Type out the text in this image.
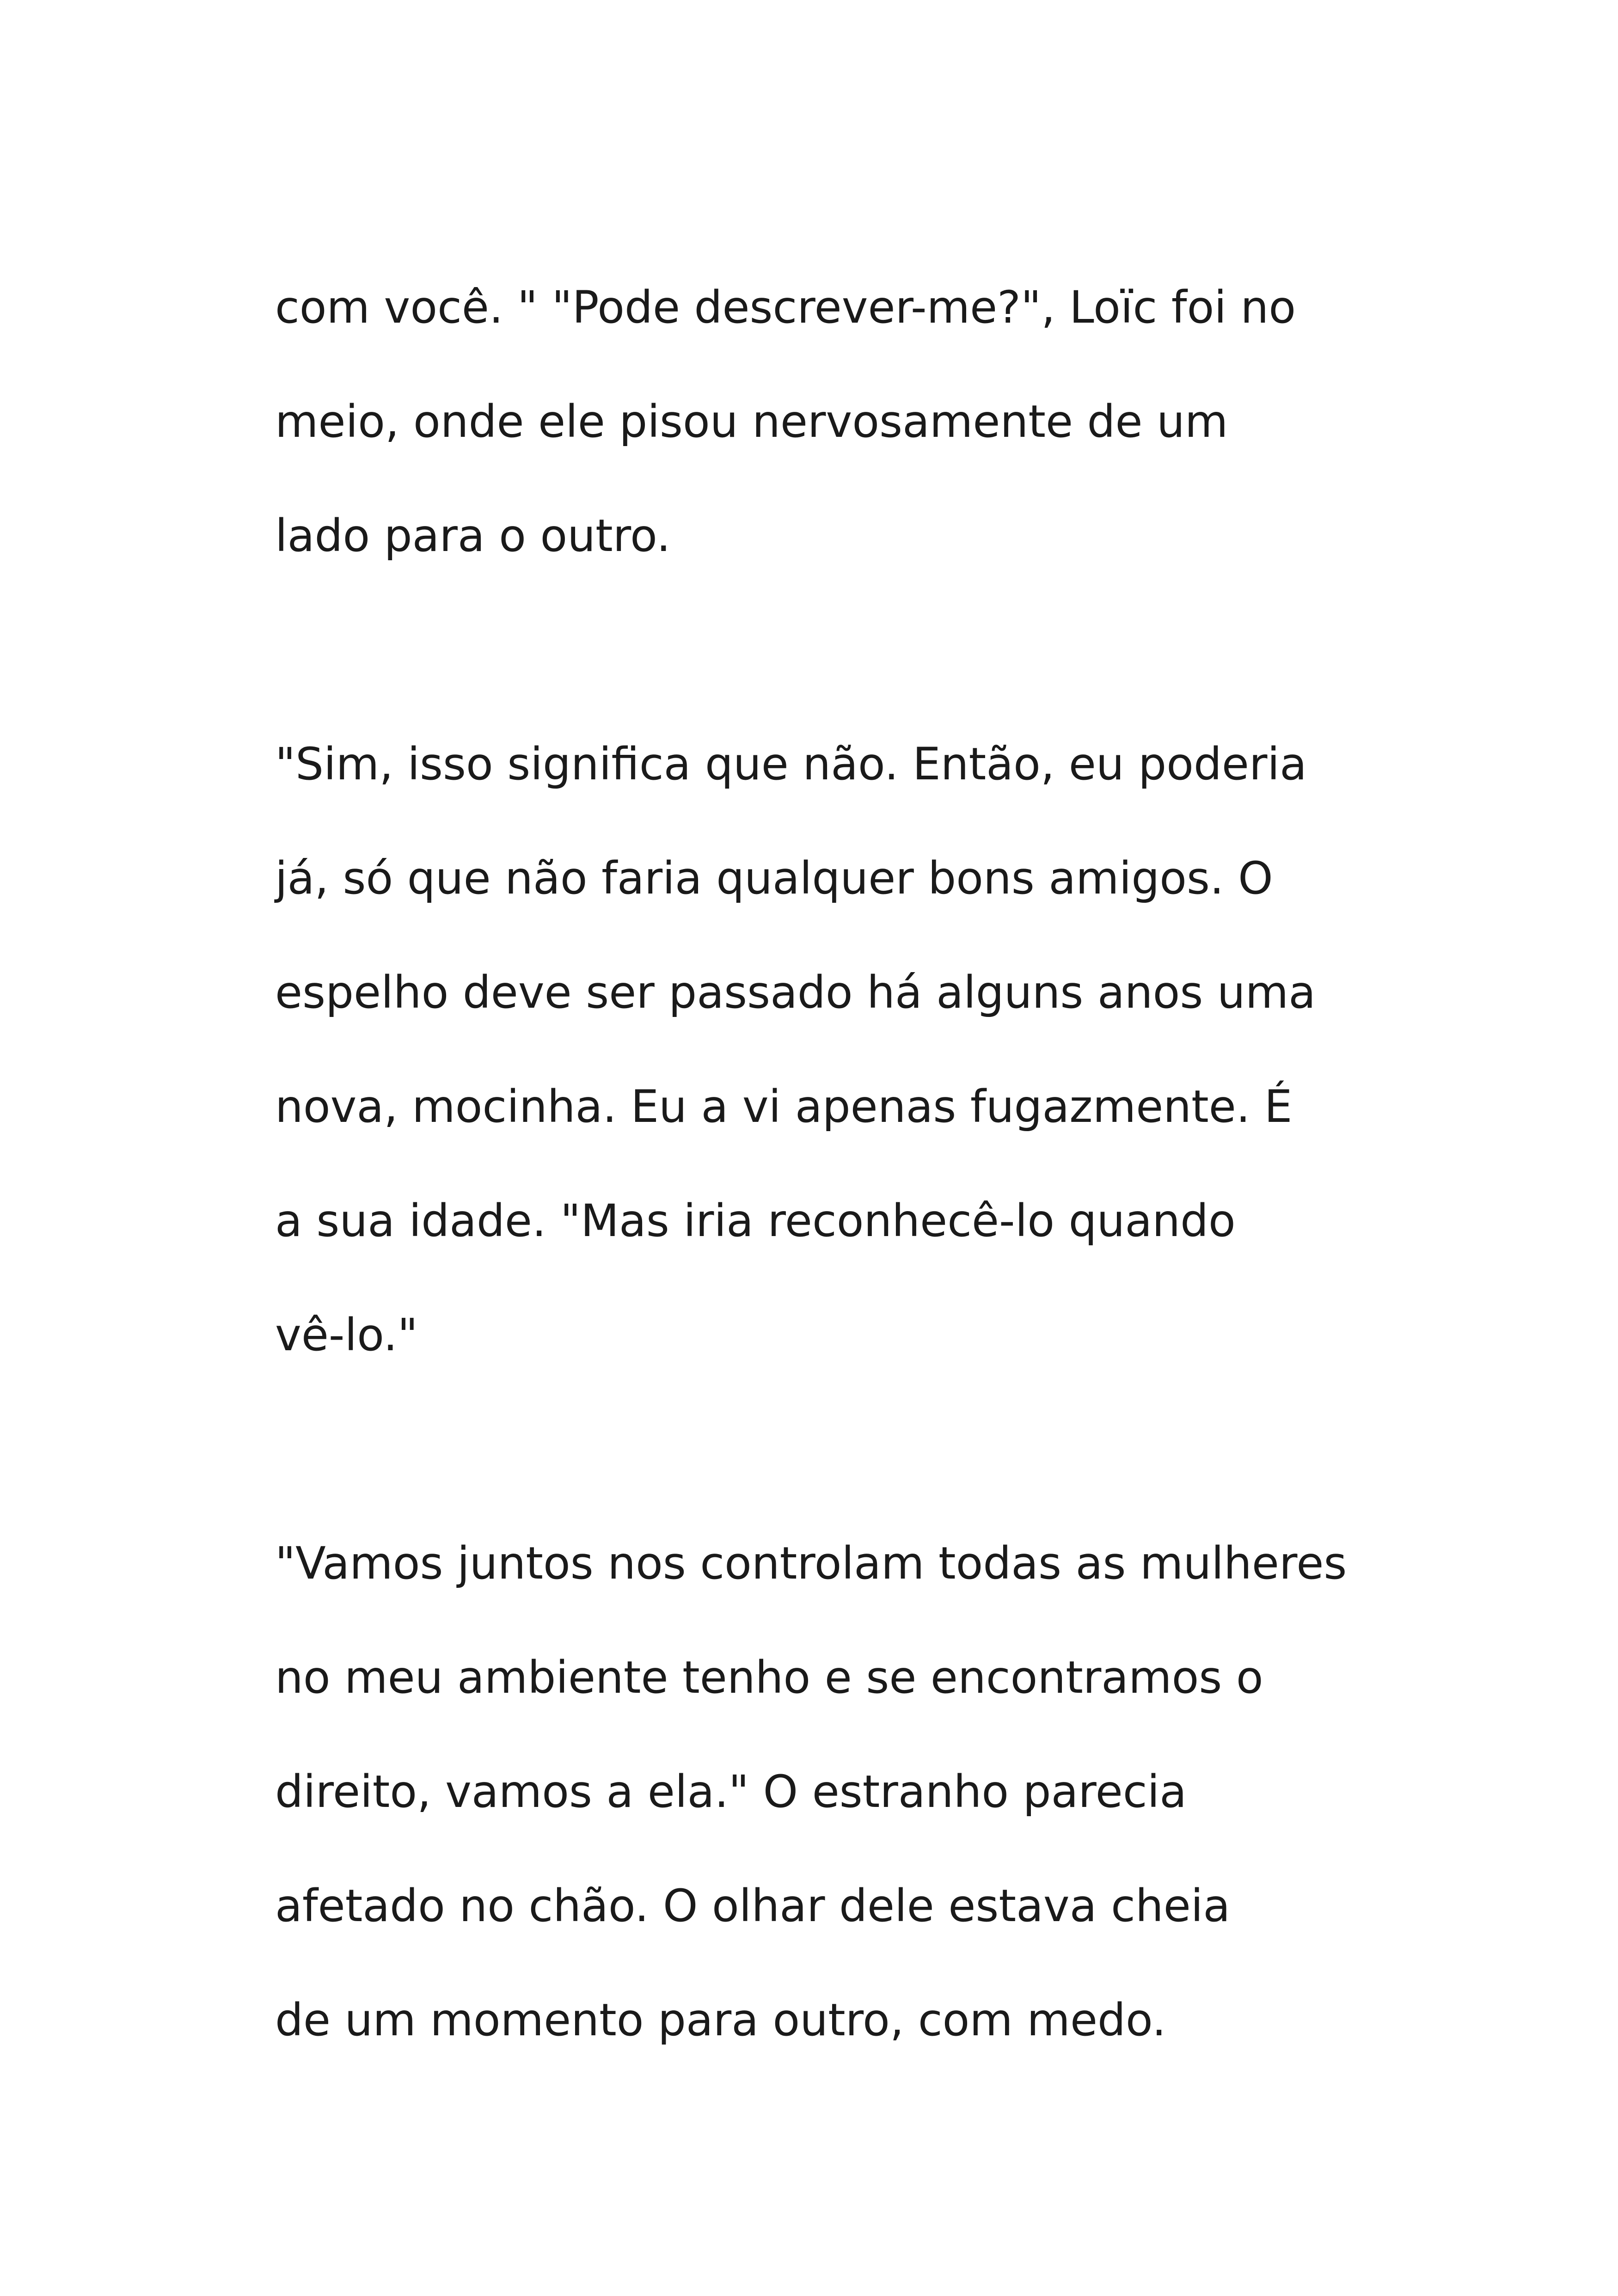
com você. " "Pode descrever-me?", Loïc foi no
meio, onde ele pisou nervosamente de um
lado para o outro.
"Sim, isso significa que não. Então, eu poderia
já, só que não faria qualquer bons amigos. O
espelho deve ser passado há alguns anos uma
nova, mocinha. Eu a vi apenas fugazmente. É
a sua idade. "Mas iria reconhecê-lo quando
vê-lo."
"Vamos juntos nos controlam todas as mulheres
no meu ambiente tenho e se encontramos o
direito, vamos a ela." O estranho parecia
afetado no chão. O olhar dele estava cheia
de um momento para outro, com medo.
